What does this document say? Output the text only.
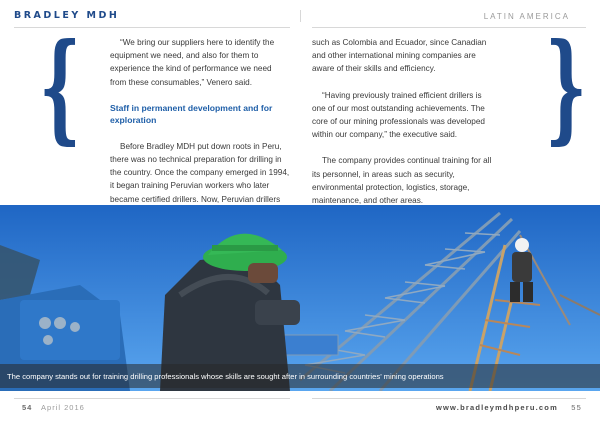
BRADLEY MDH	LATIN AMERICA
{	}

“We bring our suppliers here to identify the equipment we need, and also for them to experience the kind of performance we need from these consumables,” Venero said.

Staff in permanent development and for exploration

Before Bradley MDH put down roots in Peru, there was no technical preparation for drilling in the country. Once the company emerged in 1994, it began training Peruvian workers who later became certified drillers. Now, Peruvian drillers

such as Colombia and Ecuador, since Canadian and other international mining companies are aware of their skills and efficiency.

“Having previously trained efficient drillers is one of our most outstanding achievements. The core of our mining professionals was developed within our company,” the executive said.

The company provides continual training for all its personnel, in areas such as security, environmental protection, logistics, storage, maintenance, and other areas.

The company stands out for training drilling professionals whose skills are sought after in surrounding countries’ mining operations
54 April 2016	www.bradleymdhperu.com 55
